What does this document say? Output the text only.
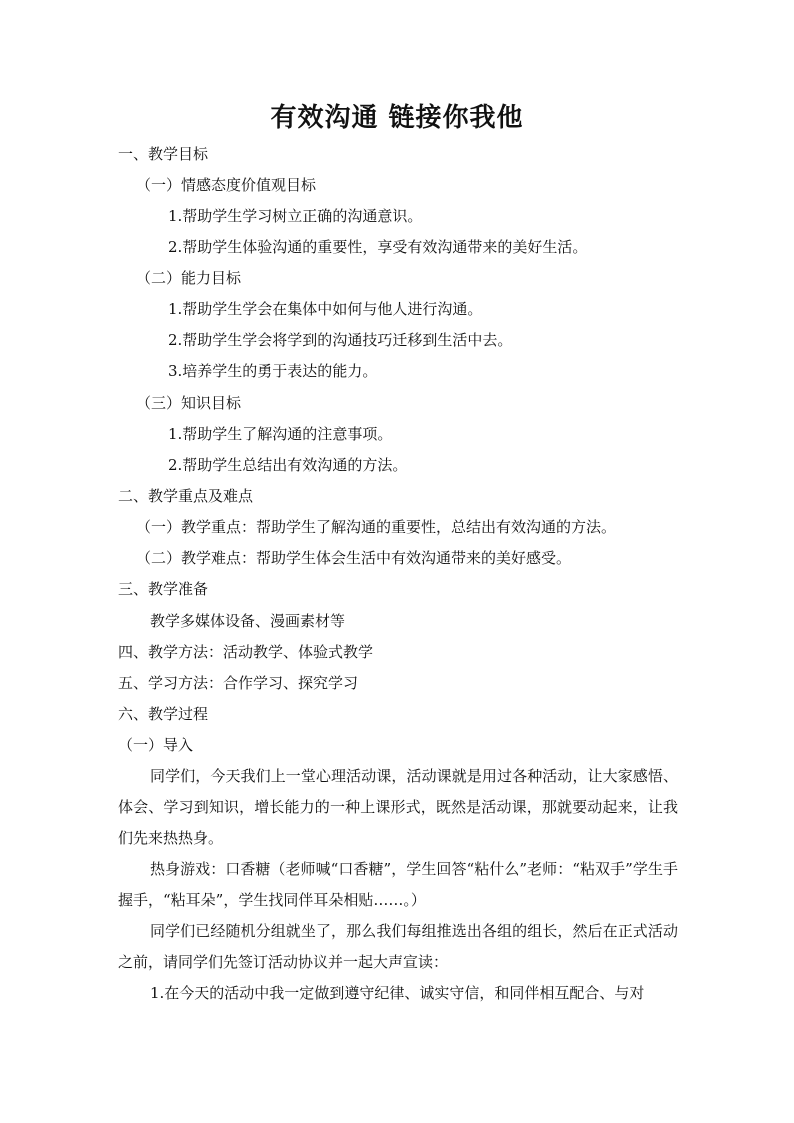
有效沟通 链接你我他
一、教学目标
（一）情感态度价值观目标
1.帮助学生学习树立正确的沟通意识。
2.帮助学生体验沟通的重要性，享受有效沟通带来的美好生活。
（二）能力目标
1.帮助学生学会在集体中如何与他人进行沟通。
2.帮助学生学会将学到的沟通技巧迁移到生活中去。
3.培养学生的勇于表达的能力。
（三）知识目标
1.帮助学生了解沟通的注意事项。
2.帮助学生总结出有效沟通的方法。
二、教学重点及难点
（一）教学重点：帮助学生了解沟通的重要性，总结出有效沟通的方法。
（二）教学难点：帮助学生体会生活中有效沟通带来的美好感受。
三、教学准备
教学多媒体设备、漫画素材等
四、教学方法：活动教学、体验式教学
五、学习方法：合作学习、探究学习
六、教学过程
（一）导入
同学们，今天我们上一堂心理活动课，活动课就是用过各种活动，让大家感悟、体会、学习到知识，增长能力的一种上课形式，既然是活动课，那就要动起来，让我们先来热热身。
热身游戏：口香糖（老师喊“口香糖”，学生回答“粘什么”老师：“粘双手”学生手握手，“粘耳朵”，学生找同伴耳朵相贴……。）
同学们已经随机分组就坐了，那么我们每组推选出各组的组长，然后在正式活动之前，请同学们先签订活动协议并一起大声宣读：
1.在今天的活动中我一定做到遵守纪律、诚实守信，和同伴相互配合、与对
